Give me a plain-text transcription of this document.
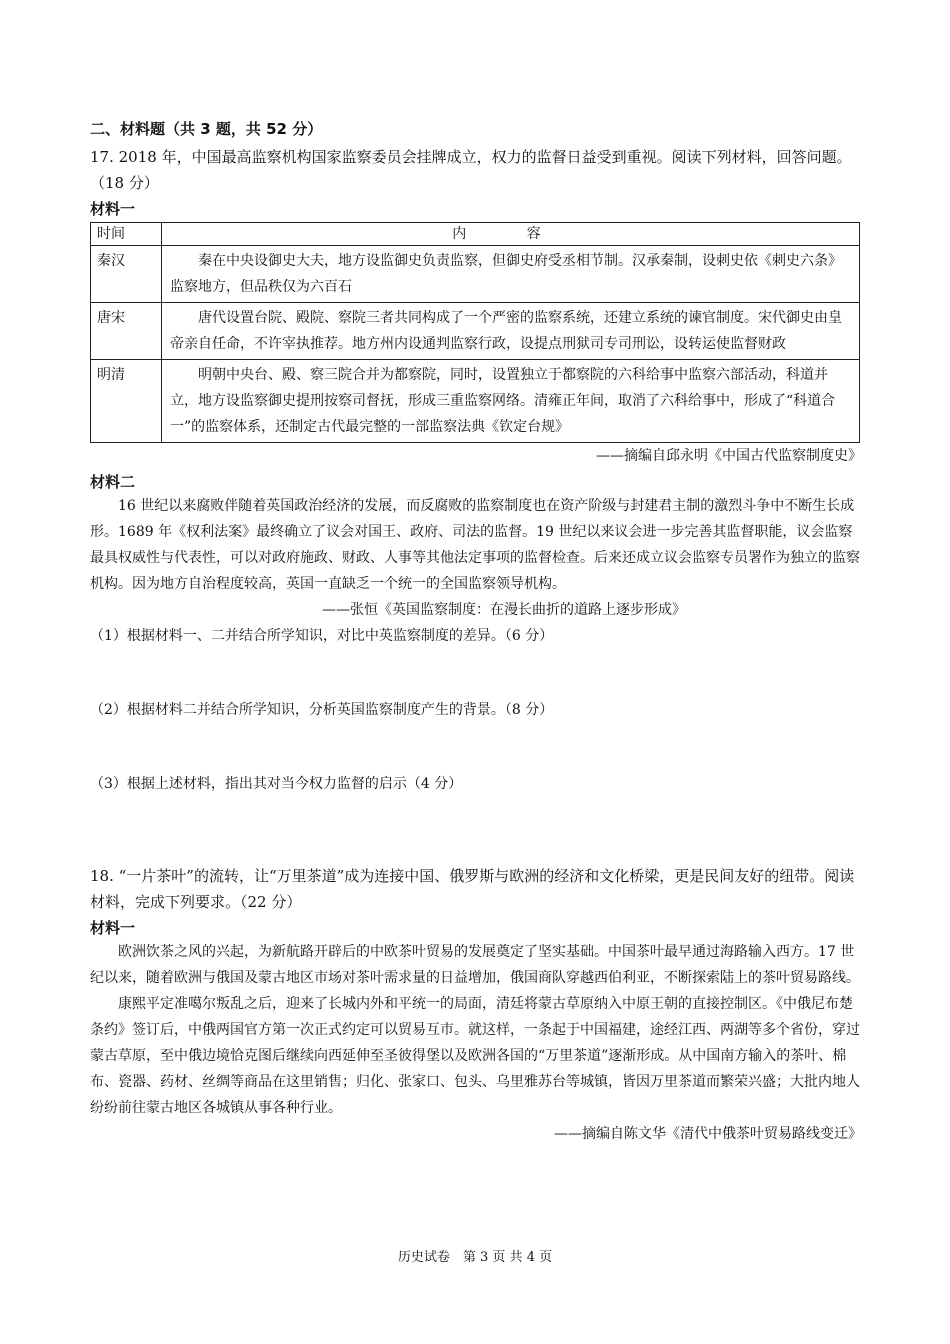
二、材料题（共 3 题，共 52 分）
17. 2018 年，中国最高监察机构国家监察委员会挂牌成立，权力的监督日益受到重视。阅读下列材料，回答问题。（18 分）
材料一
时间	内 容
秦汉	秦在中央设御史大夫，地方设监御史负责监察，但御史府受丞相节制。汉承秦制，设刺史依《刺史六条》监察地方，但品秩仅为六百石
唐宋	唐代设置台院、殿院、察院三者共同构成了一个严密的监察系统，还建立系统的谏官制度。宋代御史由皇帝亲自任命，不许宰执推荐。地方州内设通判监察行政，设提点刑狱司专司刑讼，设转运使监督财政
明清	明朝中央台、殿、察三院合并为都察院，同时，设置独立于都察院的六科给事中监察六部活动，科道并立，地方设监察御史提刑按察司督抚，形成三重监察网络。清雍正年间，取消了六科给事中，形成了“科道合一”的监察体系，还制定古代最完整的一部监察法典《钦定台规》
——摘编自邱永明《中国古代监察制度史》
材料二
16 世纪以来腐败伴随着英国政治经济的发展，而反腐败的监察制度也在资产阶级与封建君主制的激烈斗争中不断生长成形。1689 年《权利法案》最终确立了议会对国王、政府、司法的监督。19 世纪以来议会进一步完善其监督职能，议会监察最具权威性与代表性，可以对政府施政、财政、人事等其他法定事项的监督检查。后来还成立议会监察专员署作为独立的监察机构。因为地方自治程度较高，英国一直缺乏一个统一的全国监察领导机构。
——张恒《英国监察制度：在漫长曲折的道路上逐步形成》
（1）根据材料一、二并结合所学知识，对比中英监察制度的差异。（6 分）
（2）根据材料二并结合所学知识，分析英国监察制度产生的背景。（8 分）
（3）根据上述材料，指出其对当今权力监督的启示（4 分）
18. “一片茶叶”的流转，让“万里茶道”成为连接中国、俄罗斯与欧洲的经济和文化桥梁，更是民间友好的纽带。阅读材料，完成下列要求。（22 分）
材料一
欧洲饮茶之风的兴起，为新航路开辟后的中欧茶叶贸易的发展奠定了坚实基础。中国茶叶最早通过海路输入西方。17 世纪以来，随着欧洲与俄国及蒙古地区市场对茶叶需求量的日益增加，俄国商队穿越西伯利亚，不断探索陆上的茶叶贸易路线。
康熙平定准噶尔叛乱之后，迎来了长城内外和平统一的局面，清廷将蒙古草原纳入中原王朝的直接控制区。《中俄尼布楚条约》签订后，中俄两国官方第一次正式约定可以贸易互市。就这样，一条起于中国福建，途经江西、两湖等多个省份，穿过蒙古草原，至中俄边境恰克图后继续向西延伸至圣彼得堡以及欧洲各国的“万里茶道”逐渐形成。从中国南方输入的茶叶、棉布、瓷器、药材、丝绸等商品在这里销售；归化、张家口、包头、乌里雅苏台等城镇，皆因万里茶道而繁荣兴盛；大批内地人纷纷前往蒙古地区各城镇从事各种行业。
——摘编自陈文华《清代中俄茶叶贸易路线变迁》
历史试卷　第 3 页 共 4 页
